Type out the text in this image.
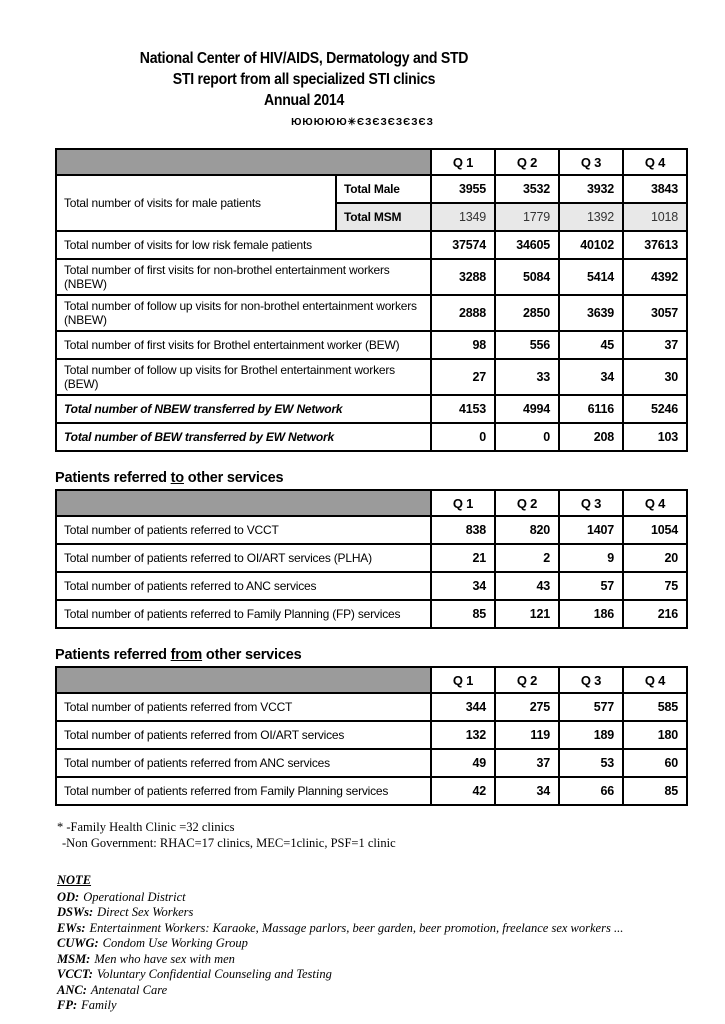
National Center of HIV/AIDS, Dermatology and STD
STI report from all specialized STI clinics
Annual 2014
ЮЮЮЮЮ✳ЄЗЄЗЄЗЄЗЄЗ
		Q 1	Q 2	Q 3	Q 4
Total number of visits for male patients	Total Male	3955	3532	3932	3843
	Total MSM	1349	1779	1392	1018
Total number of visits for low risk female patients		37574	34605	40102	37613
Total number of first visits for non-brothel entertainment workers (NBEW)		3288	5084	5414	4392
Total number of follow up visits for non-brothel entertainment workers (NBEW)		2888	2850	3639	3057
Total number of first visits for Brothel entertainment worker (BEW)		98	556	45	37
Total number of follow up visits for Brothel entertainment workers (BEW)		27	33	34	30
Total number of NBEW transferred by EW Network		4153	4994	6116	5246
Total number of BEW transferred by EW Network		0	0	208	103
Patients referred to other services
	Q 1	Q 2	Q 3	Q 4
Total number of patients referred to VCCT	838	820	1407	1054
Total number of patients referred to OI/ART services (PLHA)	21	2	9	20
Total number of patients referred to ANC services	34	43	57	75
Total number of patients referred to Family Planning (FP) services	85	121	186	216
Patients referred from other services
	Q 1	Q 2	Q 3	Q 4
Total number of patients referred from VCCT	344	275	577	585
Total number of patients referred from OI/ART services	132	119	189	180
Total number of patients referred from ANC services	49	37	53	60
Total number of patients referred from Family Planning services	42	34	66	85
* -Family Health Clinic =32 clinics
-Non Government: RHAC=17 clinics, MEC=1clinic, PSF=1 clinic
NOTE
OD: Operational District
DSWs: Direct Sex Workers
EWs: Entertainment Workers: Karaoke, Massage parlors, beer garden, beer promotion, freelance sex workers ...
CUWG: Condom Use Working Group
MSM: Men who have sex with men
VCCT: Voluntary Confidential Counseling and Testing
ANC: Antenatal Care
FP: Family
